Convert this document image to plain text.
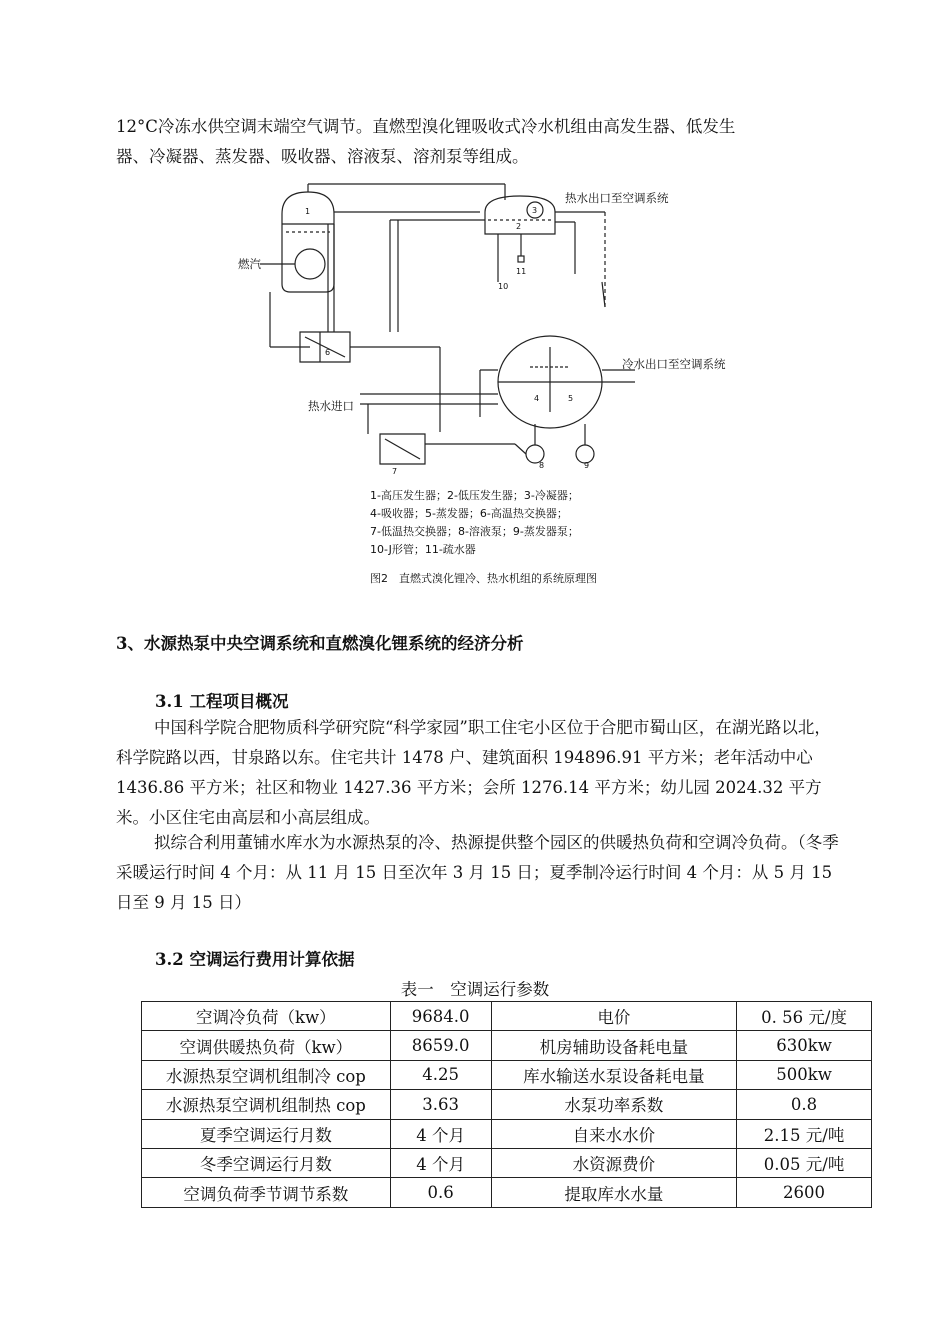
12°C冷冻水供空调末端空气调节。直燃型溴化锂吸收式冷水机组由高发生器、低发生
器、冷凝器、蒸发器、吸收器、溶液泵、溶剂泵等组成。
热水出口至空调系统
冷水出口至空调系统
燃汽
热水进口
1
2
3
4	5
6
7
8	9
10
11
1-高压发生器；2-低压发生器；3-冷凝器；
4-吸收器；5-蒸发器；6-高温热交换器；
7-低温热交换器；8-溶液泵；9-蒸发器泵；
10-J形管；11-疏水器
图2　直燃式溴化锂冷、热水机组的系统原理图
3、水源热泵中央空调系统和直燃溴化锂系统的经济分析
3.1 工程项目概况
中国科学院合肥物质科学研究院“科学家园”职工住宅小区位于合肥市蜀山区，在湖光路以北，科学院路以西，甘泉路以东。住宅共计 1478 户、建筑面积 194896.91 平方米；老年活动中心 1436.86 平方米；社区和物业 1427.36 平方米；会所 1276.14 平方米；幼儿园 2024.32 平方米。小区住宅由高层和小高层组成。
拟综合利用董铺水库水为水源热泵的冷、热源提供整个园区的供暖热负荷和空调冷负荷。（冬季采暖运行时间 4 个月：从 11 月 15 日至次年 3 月 15 日；夏季制冷运行时间 4 个月：从 5 月 15 日至 9 月 15 日）
3.2 空调运行费用计算依据
表一　空调运行参数
空调冷负荷（kw）	9684.0	电价	0. 56 元/度
空调供暖热负荷（kw）	8659.0	机房辅助设备耗电量	630kw
水源热泵空调机组制冷 cop	4.25	库水输送水泵设备耗电量	500kw
水源热泵空调机组制热 cop	3.63	水泵功率系数	0.8
夏季空调运行月数	4 个月	自来水水价	2.15 元/吨
冬季空调运行月数	4 个月	水资源费价	0.05 元/吨
空调负荷季节调节系数	0.6	提取库水水量	2600
